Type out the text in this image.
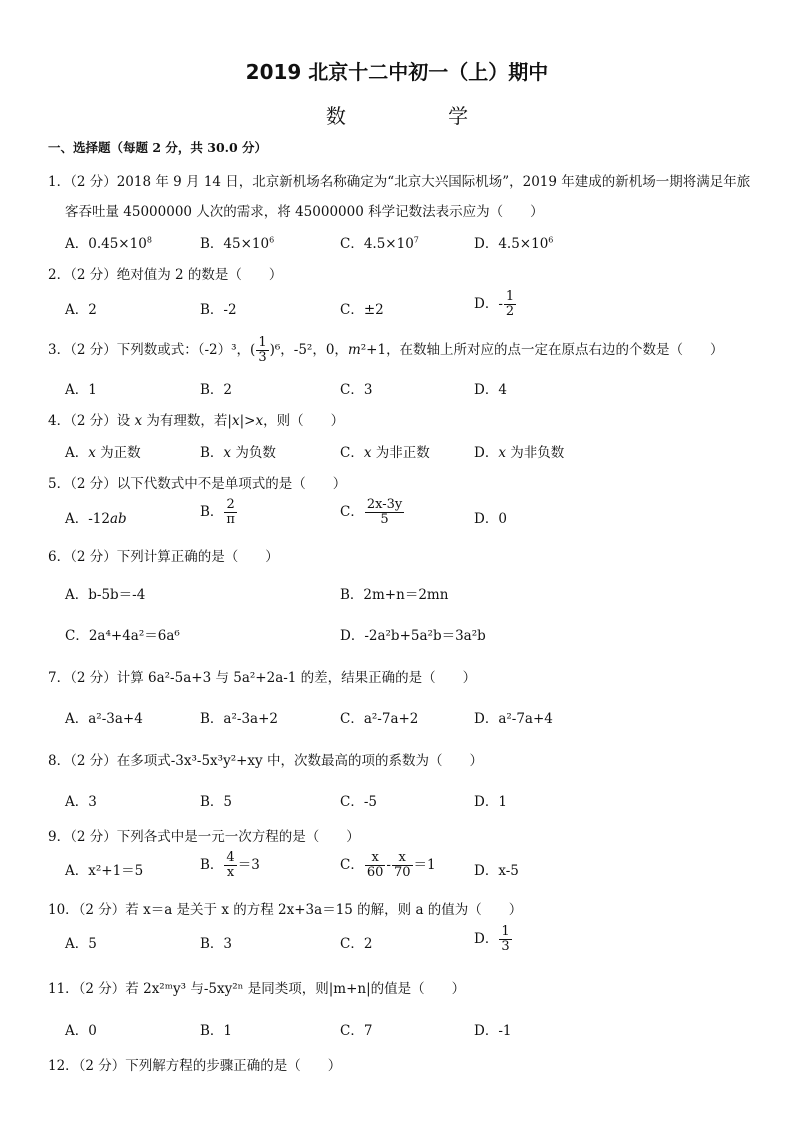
2019 北京十二中初一（上）期中
数 学
一、选择题（每题 2 分，共 30.0 分）
1．（2 分）2018 年 9 月 14 日，北京新机场名称确定为“北京大兴国际机场”，2019 年建成的新机场一期将满足年旅
客吞吐量 45000000 人次的需求，将 45000000 科学记数法表示应为（　　）
A．$0.45\times 10^8$	B．$45\times 10^6$	C．$4.5\times 10^7$	D．$4.5\times 10^6$
2．（2 分）绝对值为 2 的数是（　　）
A．2	B．-2	C．±2	D．- $\frac{1}{2}$
3．（2 分）下列数或式：（-2）³，( $\frac{1}{3} )^6$，-5²，0，m²+1，在数轴上所对应的点一定在原点右边的个数是（　　）
A．1	B．2	C．3	D．4
4．（2 分）设 x 为有理数，若|x|>x，则（　　）
A．x 为正数	B．x 为负数	C．x 为非正数	D．x 为非负数
5．（2 分）以下代数式中不是单项式的是（　　）
A．-12ab	B． $\frac{2}{\pi}$	C． $\frac{2x-3y}{5}$	D．0
6．（2 分）下列计算正确的是（　　）
A．b-5b＝-4	B．2m+n＝2mn
C．2a⁴+4a²＝6a⁶	D．-2a²b+5a²b＝3a²b
7．（2 分）计算 6a²-5a+3 与 5a²+2a-1 的差，结果正确的是（　　）
A．a²-3a+4	B．a²-3a+2	C．a²-7a+2	D．a²-7a+4
8．（2 分）在多项式-3x³-5x³y²+xy 中，次数最高的项的系数为（　　）
A．3	B．5	C．-5	D．1
9．（2 分）下列各式中是一元一次方程的是（　　）
A．x²+1＝5	B． $\frac{4}{x} =3$	C． $\frac{x}{60} - \frac{x}{70} =1$	D．x-5
10．（2 分）若 x＝a 是关于 x 的方程 2x+3a＝15 的解，则 a 的值为（　　）
A．5	B．3	C．2	D． $\frac{1}{3}$
11．（2 分）若 2x²ᵐy³ 与-5xy²ⁿ 是同类项，则|m+n|的值是（　　）
A．0	B．1	C．7	D．-1
12．（2 分）下列解方程的步骤正确的是（　　）
